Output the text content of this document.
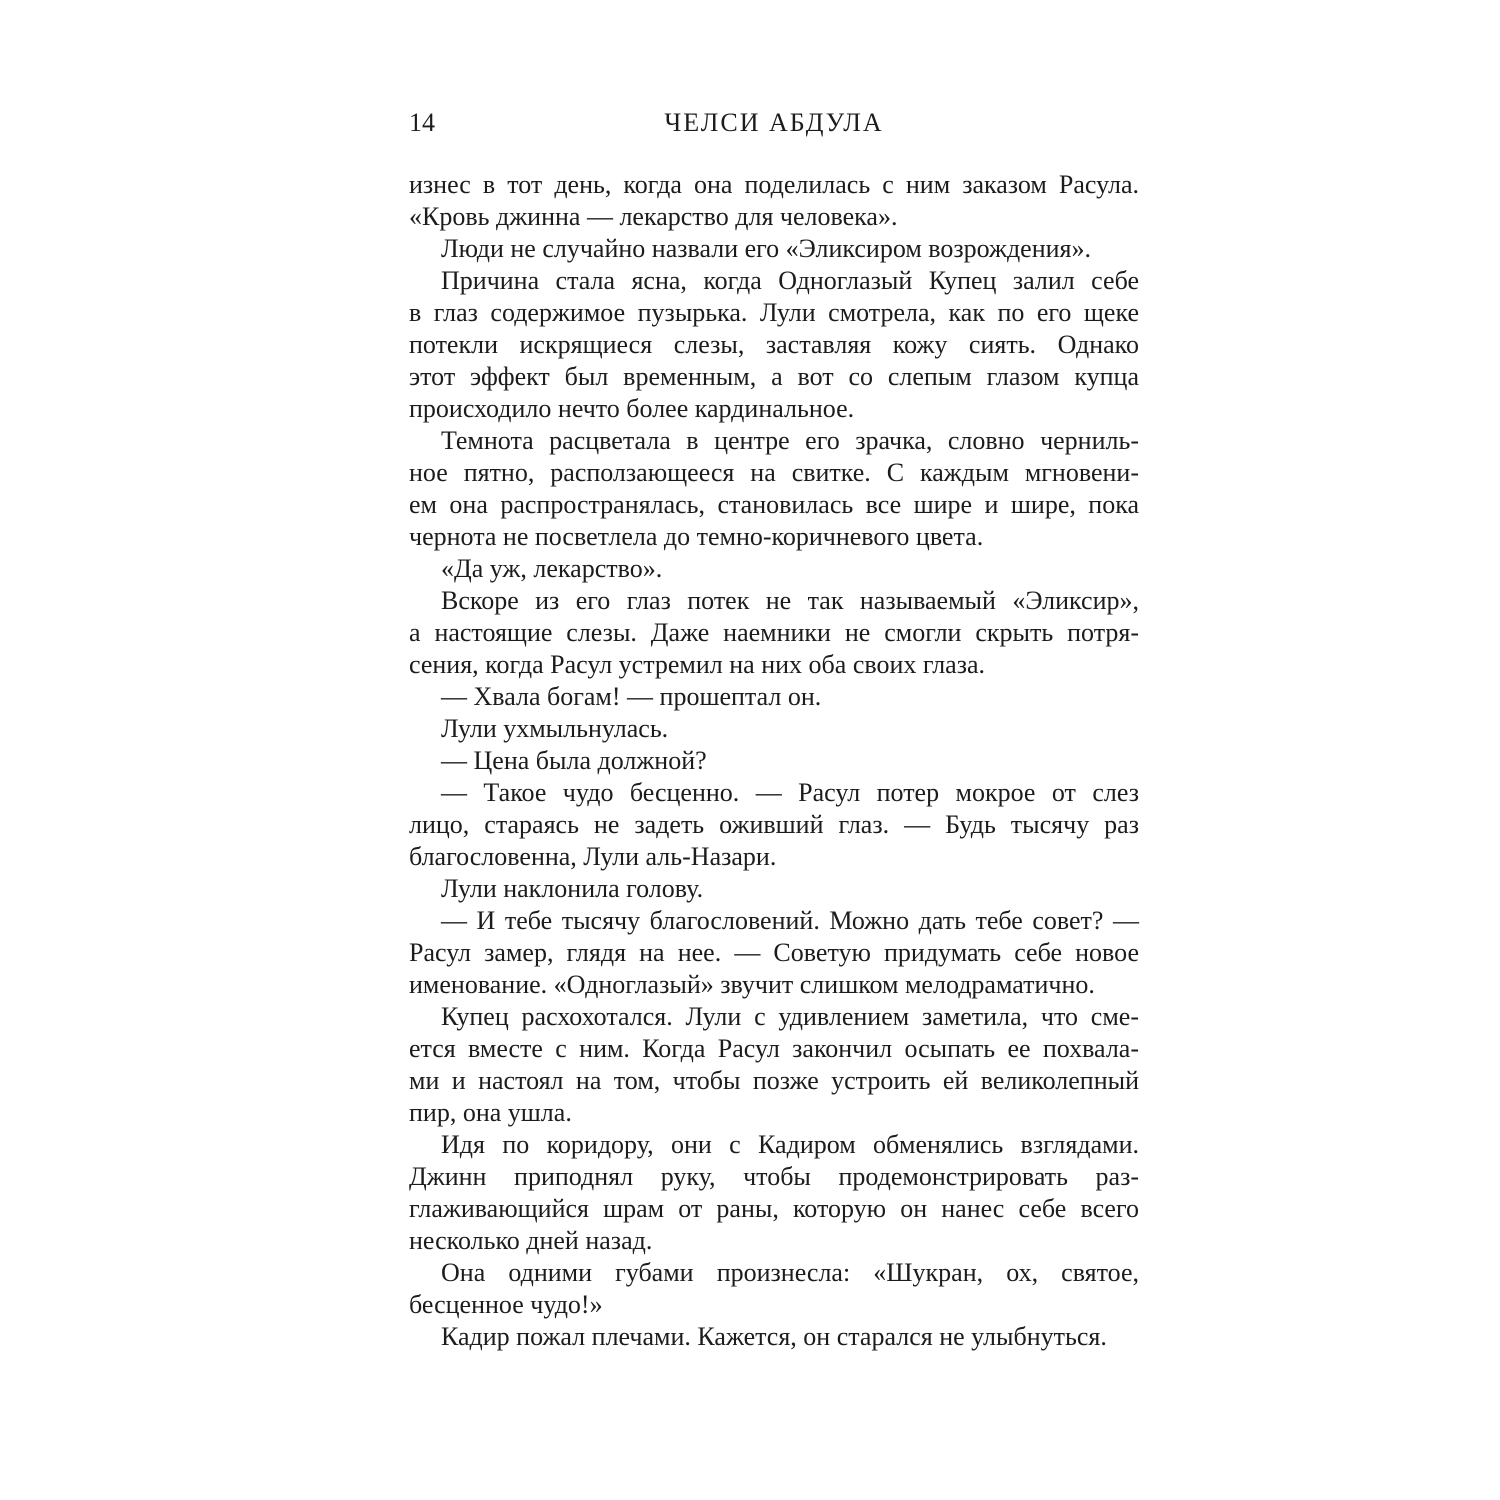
14	ЧЕЛСИ АБДУЛА
изнес в тот день, когда она поделилась с ним заказом Расула.
«Кровь джинна — лекарство для человека».
Люди не случайно назвали его «Эликсиром возрождения».
Причина стала ясна, когда Одноглазый Купец залил себе
в глаз содержимое пузырька. Лули смотрела, как по его щеке
потекли искрящиеся слезы, заставляя кожу сиять. Однако
этот эффект был временным, а вот со слепым глазом купца
происходило нечто более кардинальное.
Темнота расцветала в центре его зрачка, словно черниль-
ное пятно, расползающееся на свитке. С каждым мгновени-
ем она распространялась, становилась все шире и шире, пока
чернота не посветлела до темно-коричневого цвета.
«Да уж, лекарство».
Вскоре из его глаз потек не так называемый «Эликсир»,
а настоящие слезы. Даже наемники не смогли скрыть потря-
сения, когда Расул устремил на них оба своих глаза.
— Хвала богам! — прошептал он.
Лули ухмыльнулась.
— Цена была должной?
— Такое чудо бесценно. — Расул потер мокрое от слез
лицо, стараясь не задеть оживший глаз. — Будь тысячу раз
благословенна, Лули аль-Назари.
Лули наклонила голову.
— И тебе тысячу благословений. Можно дать тебе совет? —
Расул замер, глядя на нее. — Советую придумать себе новое
именование. «Одноглазый» звучит слишком мелодраматично.
Купец расхохотался. Лули с удивлением заметила, что сме-
ется вместе с ним. Когда Расул закончил осыпать ее похвала-
ми и настоял на том, чтобы позже устроить ей великолепный
пир, она ушла.
Идя по коридору, они с Кадиром обменялись взглядами.
Джинн приподнял руку, чтобы продемонстрировать раз-
глаживающийся шрам от раны, которую он нанес себе всего
несколько дней назад.
Она одними губами произнесла: «Шукран, ох, святое,
бесценное чудо!»
Кадир пожал плечами. Кажется, он старался не улыбнуться.
